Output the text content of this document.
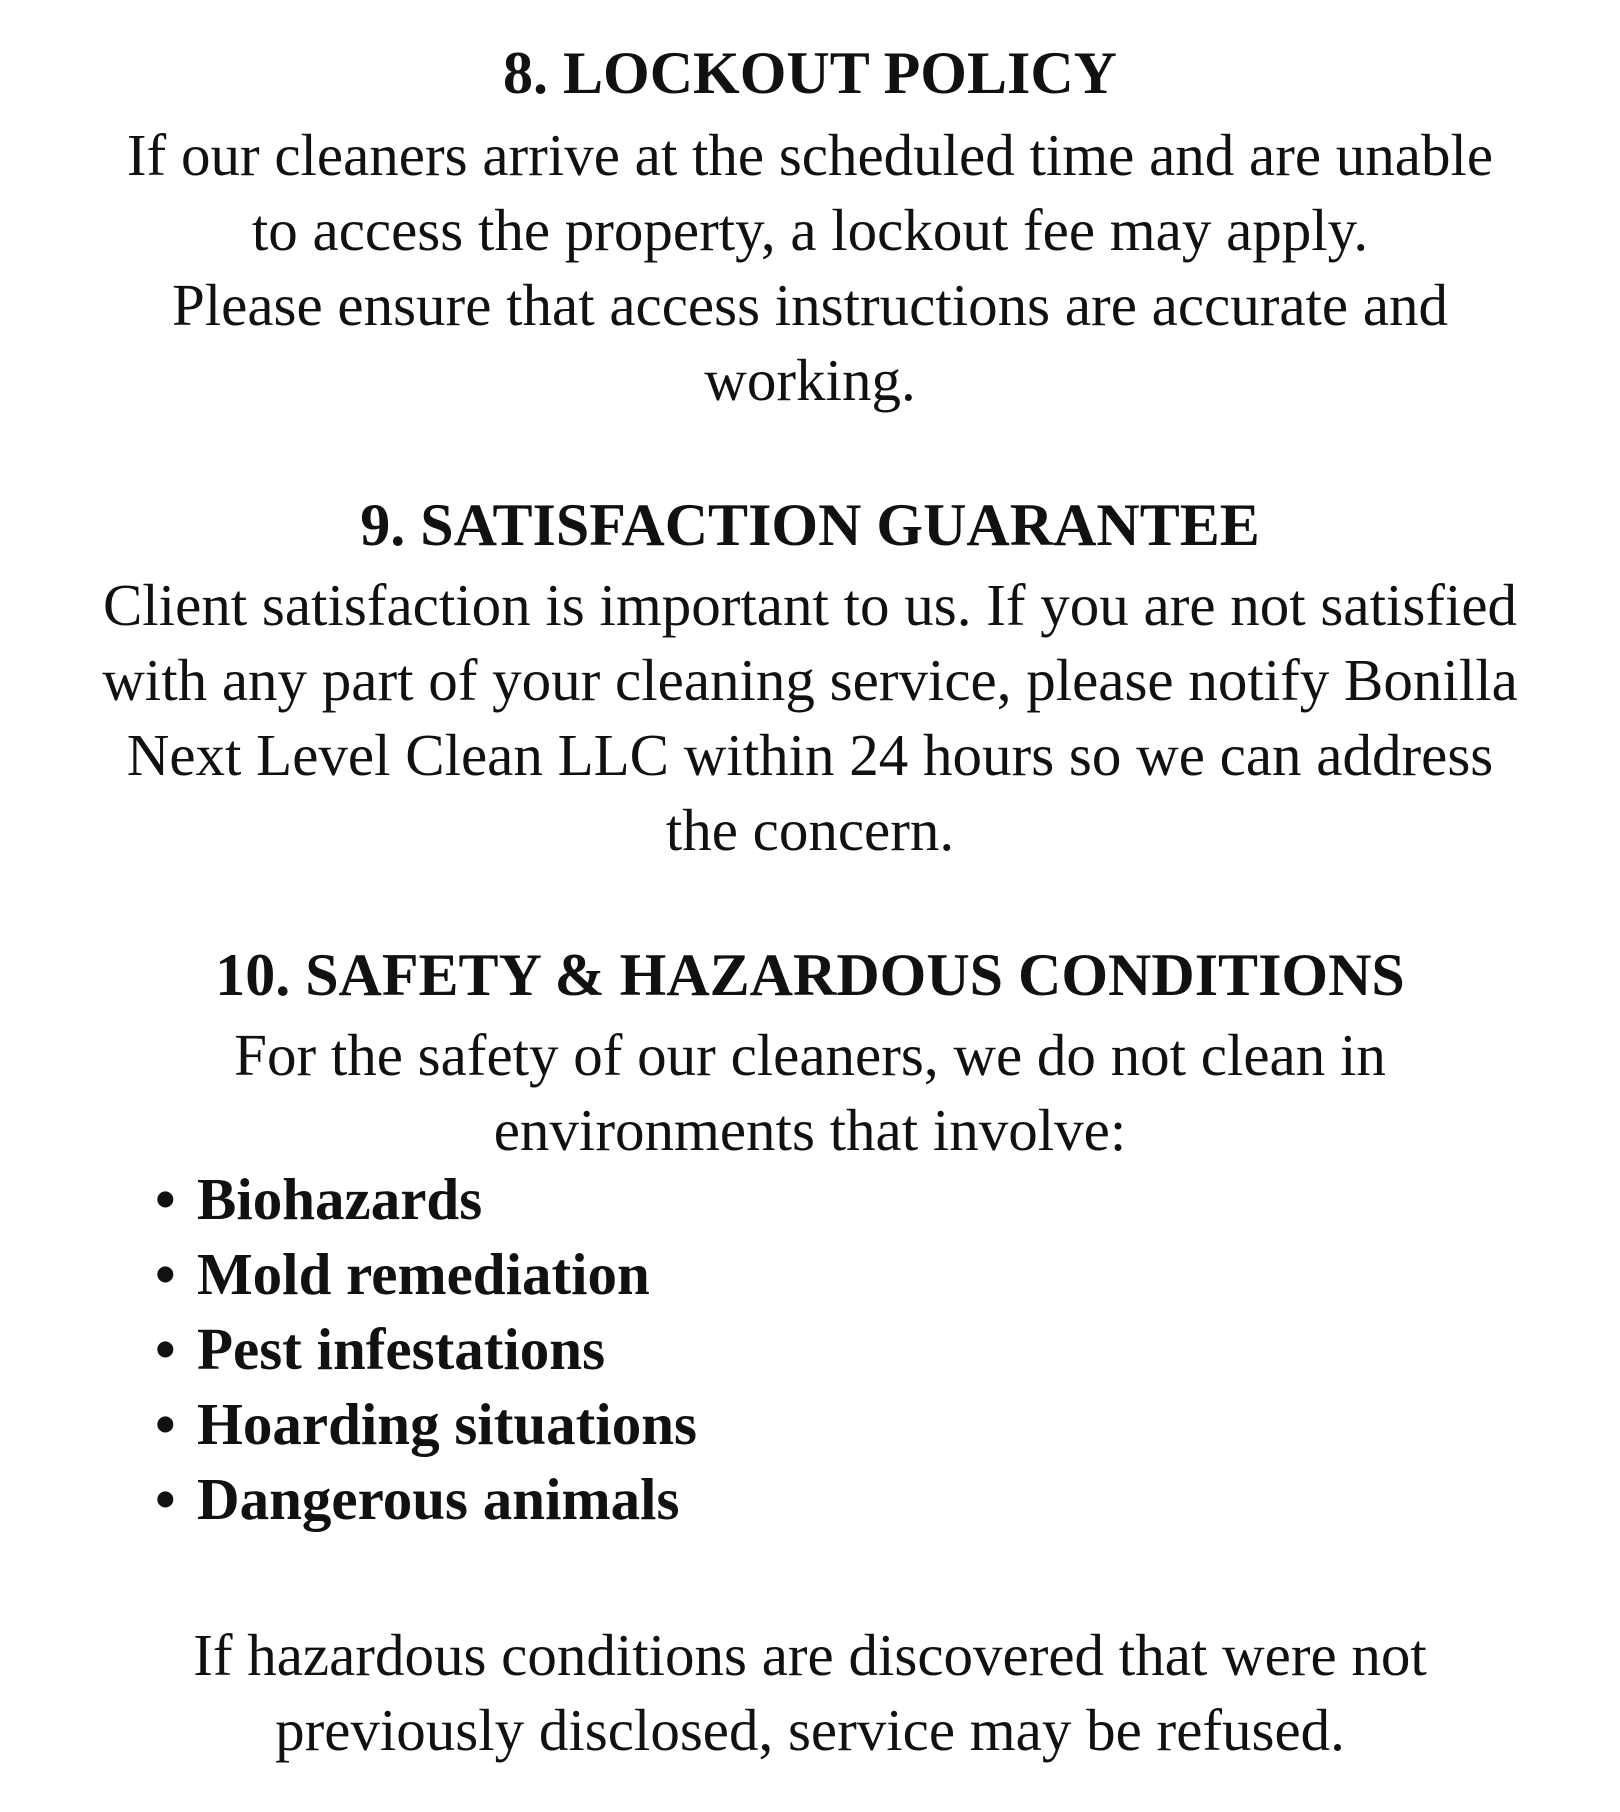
8. LOCKOUT POLICY
If our cleaners arrive at the scheduled time and are unable
to access the property, a lockout fee may apply.
Please ensure that access instructions are accurate and
working.
9. SATISFACTION GUARANTEE
Client satisfaction is important to us. If you are not satisfied
with any part of your cleaning service, please notify Bonilla
Next Level Clean LLC within 24 hours so we can address
the concern.
10. SAFETY & HAZARDOUS CONDITIONS
For the safety of our cleaners, we do not clean in
environments that involve:
• Biohazards
• Mold remediation
• Pest infestations
• Hoarding situations
• Dangerous animals
If hazardous conditions are discovered that were not
previously disclosed, service may be refused.
